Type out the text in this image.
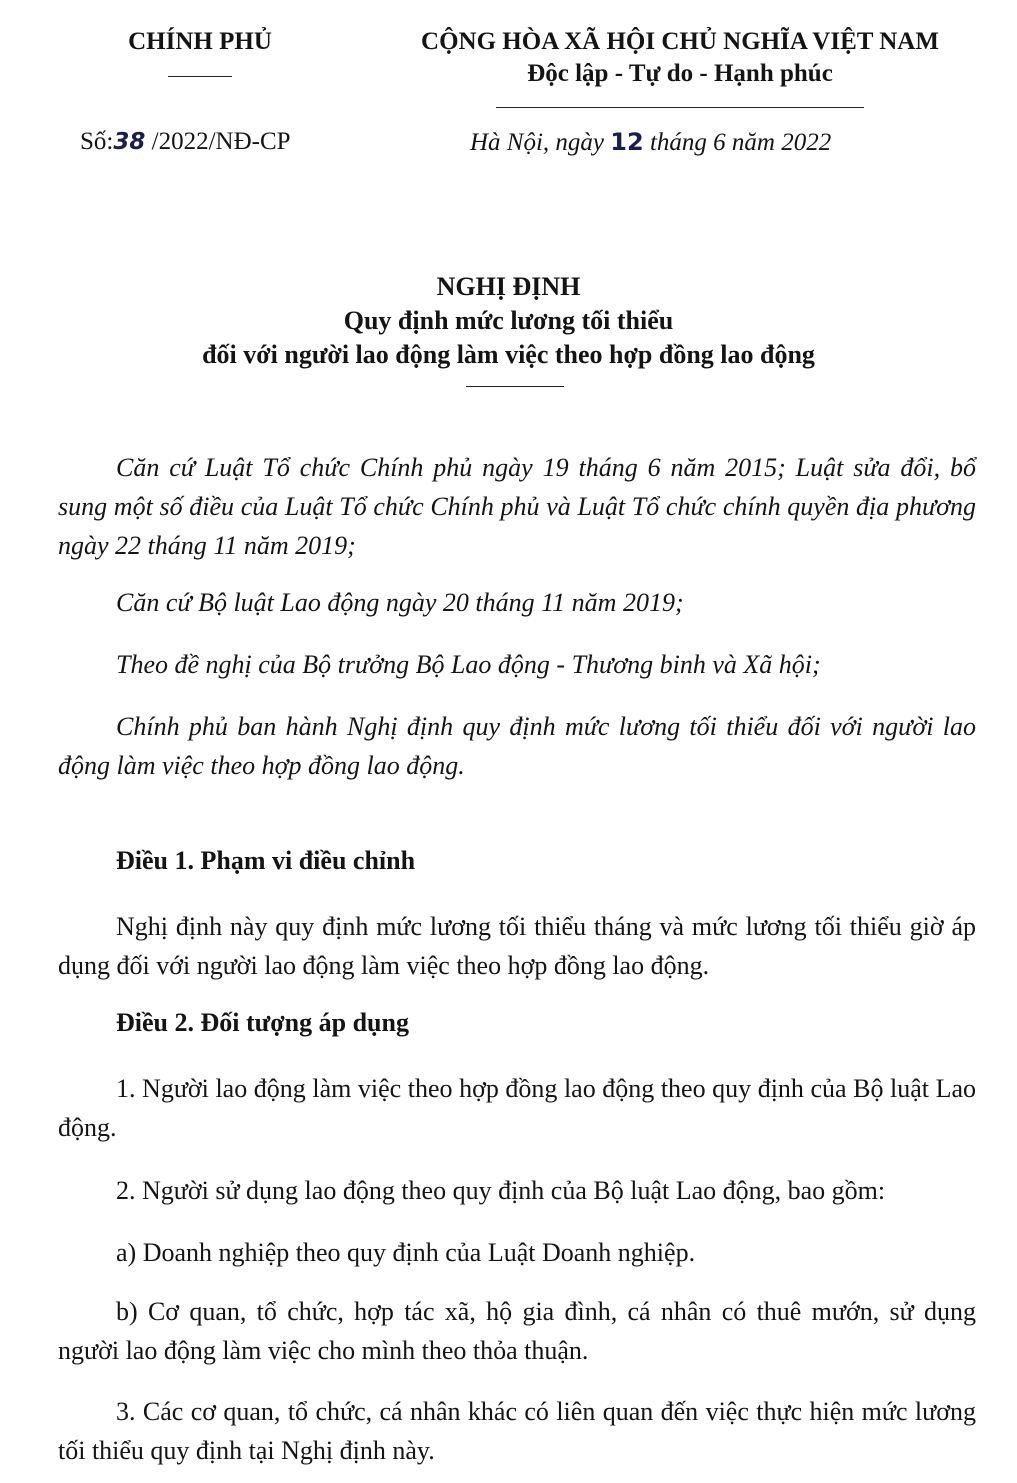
CHÍNH PHỦ	CỘNG HÒA XÃ HỘI CHỦ NGHĨA VIỆT NAM
Độc lập - Tự do - Hạnh phúc
Số:38 /2022/NĐ-CP	Hà Nội, ngày 12 tháng 6 năm 2022
NGHỊ ĐỊNH
Quy định mức lương tối thiểu
đối với người lao động làm việc theo hợp đồng lao động

Căn cứ Luật Tổ chức Chính phủ ngày 19 tháng 6 năm 2015; Luật sửa đổi, bổ sung một số điều của Luật Tổ chức Chính phủ và Luật Tổ chức chính quyền địa phương ngày 22 tháng 11 năm 2019;

Căn cứ Bộ luật Lao động ngày 20 tháng 11 năm 2019;

Theo đề nghị của Bộ trưởng Bộ Lao động - Thương binh và Xã hội;

Chính phủ ban hành Nghị định quy định mức lương tối thiểu đối với người lao động làm việc theo hợp đồng lao động.

Điều 1. Phạm vi điều chỉnh

Nghị định này quy định mức lương tối thiểu tháng và mức lương tối thiểu giờ áp dụng đối với người lao động làm việc theo hợp đồng lao động.

Điều 2. Đối tượng áp dụng

1. Người lao động làm việc theo hợp đồng lao động theo quy định của Bộ luật Lao động.

2. Người sử dụng lao động theo quy định của Bộ luật Lao động, bao gồm:

a) Doanh nghiệp theo quy định của Luật Doanh nghiệp.

b) Cơ quan, tổ chức, hợp tác xã, hộ gia đình, cá nhân có thuê mướn, sử dụng người lao động làm việc cho mình theo thỏa thuận.

3. Các cơ quan, tổ chức, cá nhân khác có liên quan đến việc thực hiện mức lương tối thiểu quy định tại Nghị định này.
